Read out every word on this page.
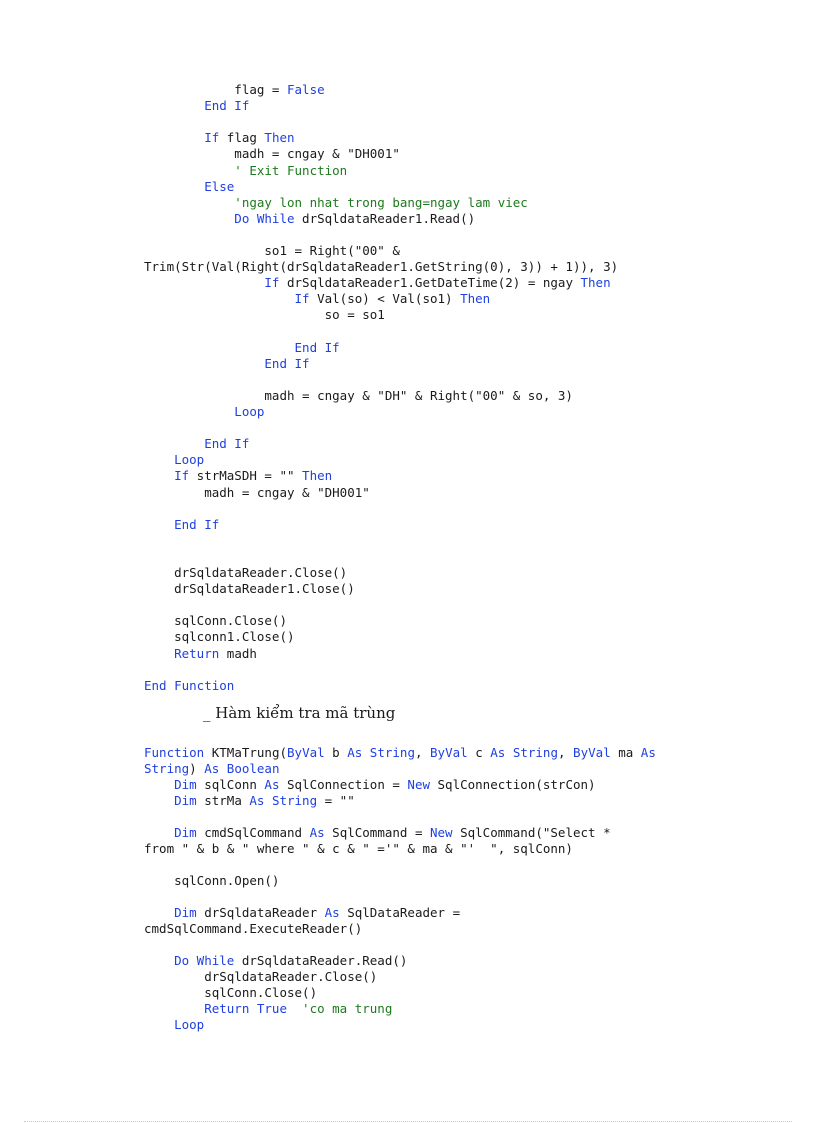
flag = False
End If
If flag Then
madh = cngay & "DH001"
' Exit Function
Else
'ngay lon nhat trong bang=ngay lam viec
Do While drSqldataReader1.Read()
so1 = Right("00" &
Trim(Str(Val(Right(drSqldataReader1.GetString(0), 3)) + 1)), 3)
If drSqldataReader1.GetDateTime(2) = ngay Then
If Val(so) < Val(so1) Then
so = so1
End If
End If
madh = cngay & "DH" & Right("00" & so, 3)
Loop
End If
Loop
If strMaSDH = "" Then
madh = cngay & "DH001"
End If
drSqldataReader.Close()
drSqldataReader1.Close()
sqlConn.Close()
sqlconn1.Close()
Return madh
End Function
_ Hàm kiểm tra mã trùng
Function KTMaTrung(ByVal b As String, ByVal c As String, ByVal ma As
String) As Boolean
Dim sqlConn As SqlConnection = New SqlConnection(strCon)
Dim strMa As String = ""
Dim cmdSqlCommand As SqlCommand = New SqlCommand("Select *
from " & b & " where " & c & " ='" & ma & "'  ", sqlConn)
sqlConn.Open()
Dim drSqldataReader As SqlDataReader =
cmdSqlCommand.ExecuteReader()
Do While drSqldataReader.Read()
drSqldataReader.Close()
sqlConn.Close()
Return True  'co ma trung
Loop
